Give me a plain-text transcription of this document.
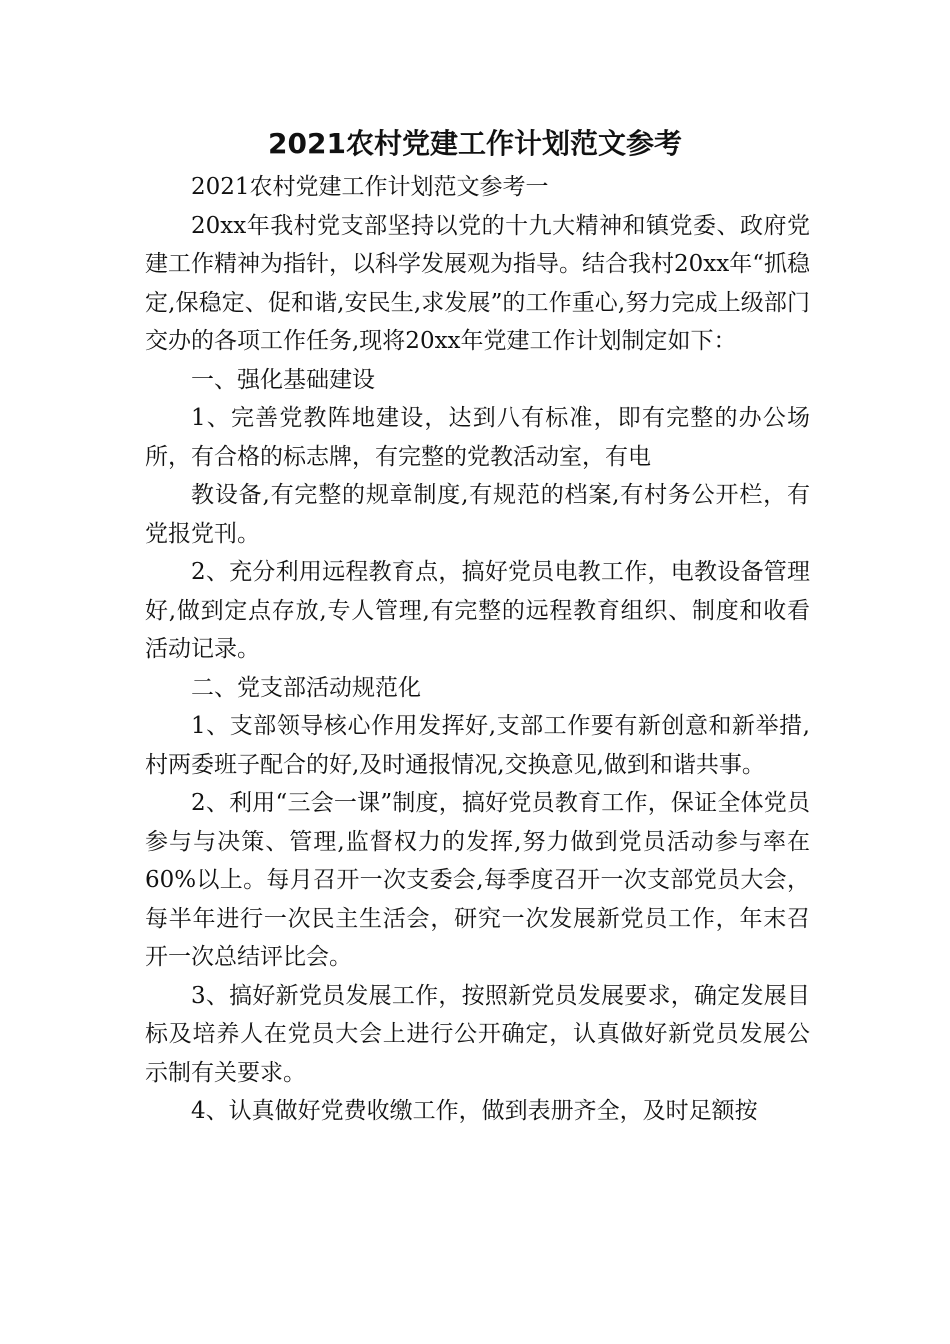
2021农村党建工作计划范文参考

2021农村党建工作计划范文参考一

20xx年我村党支部坚持以党的十九大精神和镇党委、政府党建工作精神为指针，以科学发展观为指导。结合我村20xx年“抓稳定,保稳定、促和谐,安民生,求发展”的工作重心,努力完成上级部门交办的各项工作任务,现将20xx年党建工作计划制定如下：

一、强化基础建设

1、完善党教阵地建设，达到八有标准，即有完整的办公场所，有合格的标志牌，有完整的党教活动室，有电

教设备,有完整的规章制度,有规范的档案,有村务公开栏，有党报党刊。

2、充分利用远程教育点，搞好党员电教工作，电教设备管理好,做到定点存放,专人管理,有完整的远程教育组织、制度和收看活动记录。

二、党支部活动规范化

1、支部领导核心作用发挥好,支部工作要有新创意和新举措,村两委班子配合的好,及时通报情况,交换意见,做到和谐共事。

2、利用“三会一课”制度，搞好党员教育工作，保证全体党员参与与决策、管理,监督权力的发挥,努力做到党员活动参与率在60%以上。每月召开一次支委会,每季度召开一次支部党员大会，每半年进行一次民主生活会，研究一次发展新党员工作，年末召开一次总结评比会。

3、搞好新党员发展工作，按照新党员发展要求，确定发展目标及培养人在党员大会上进行公开确定，认真做好新党员发展公示制有关要求。

4、认真做好党费收缴工作，做到表册齐全，及时足额按
